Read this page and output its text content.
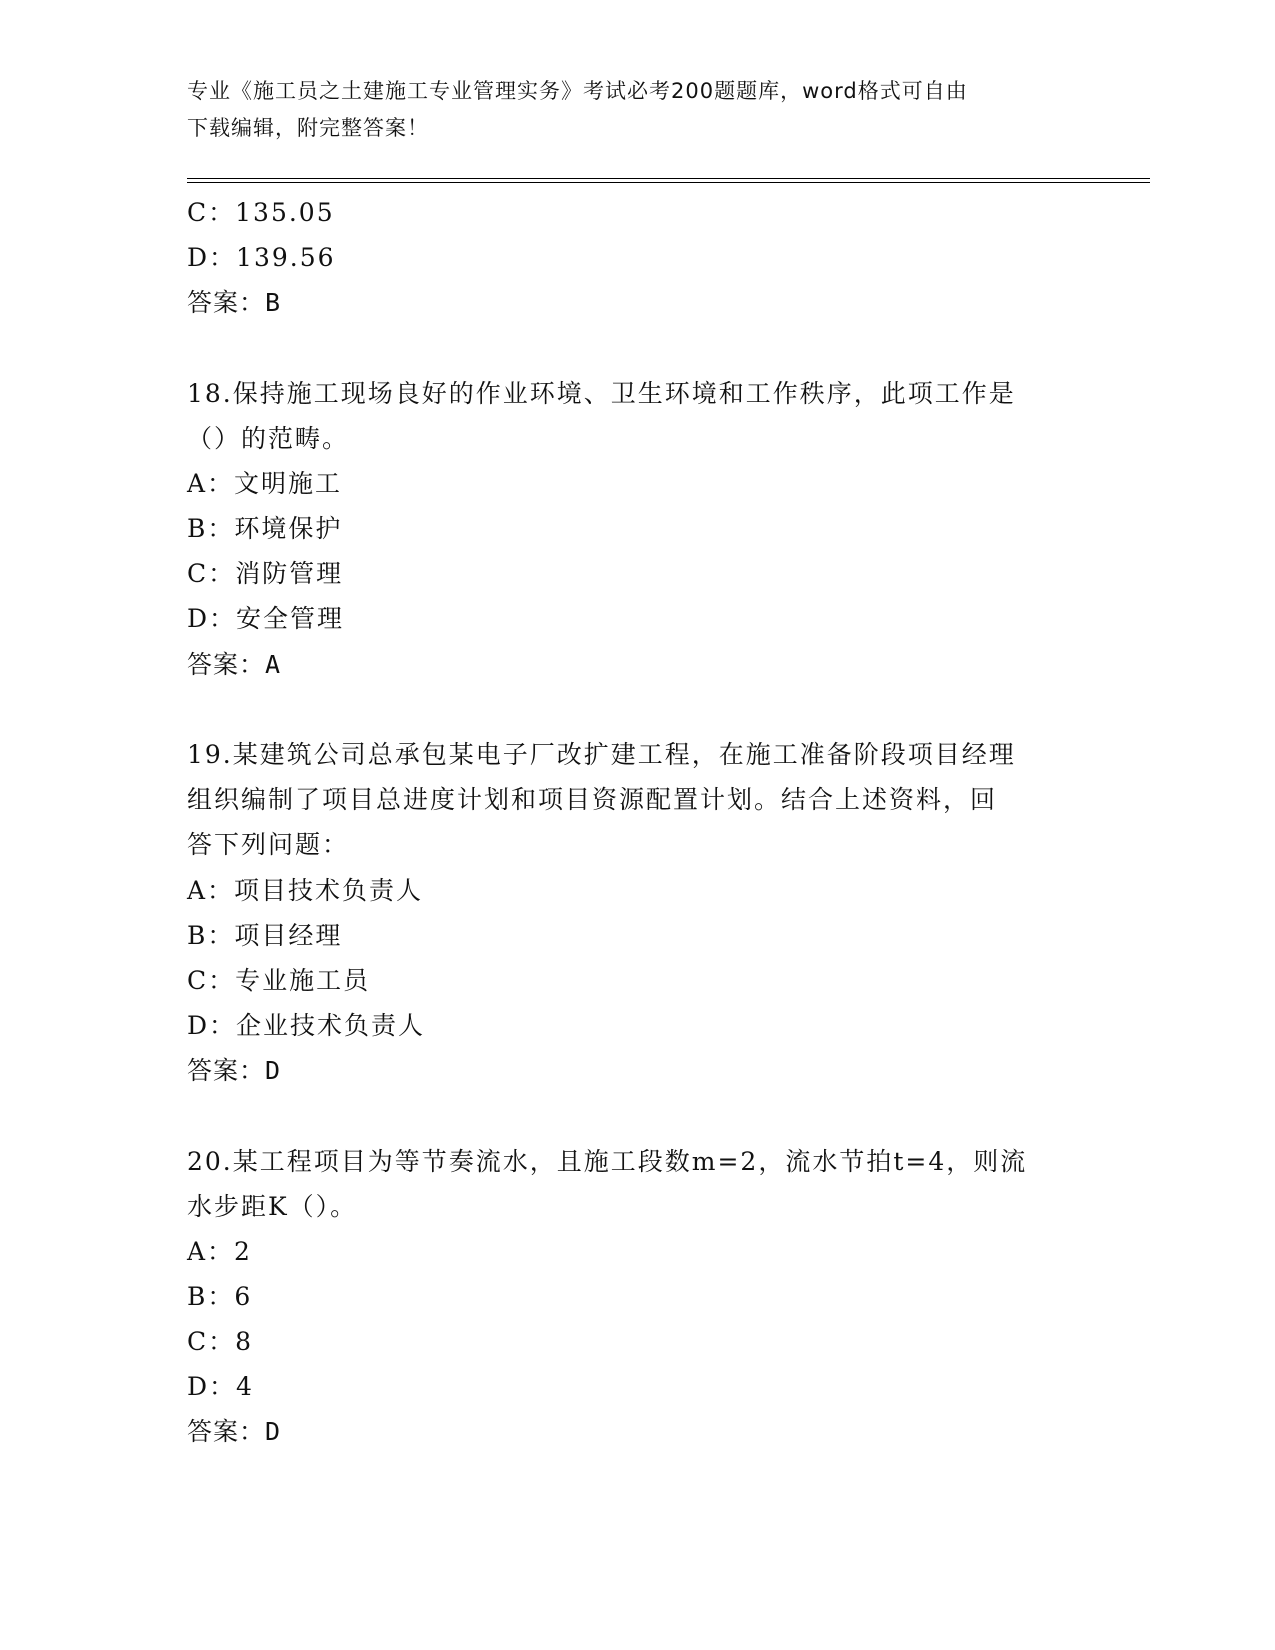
专业《施工员之土建施工专业管理实务》考试必考200题题库，word格式可自由
下载编辑，附完整答案！
C：135.05
D：139.56
答案：B
18.保持施工现场良好的作业环境、卫生环境和工作秩序，此项工作是
（）的范畴。
A：文明施工
B：环境保护
C：消防管理
D：安全管理
答案：A
19.某建筑公司总承包某电子厂改扩建工程，在施工准备阶段项目经理
组织编制了项目总进度计划和项目资源配置计划。结合上述资料，回
答下列问题：
A：项目技术负责人
B：项目经理
C：专业施工员
D：企业技术负责人
答案：D
20.某工程项目为等节奏流水，且施工段数m=2，流水节拍t=4，则流
水步距K（）。
A：2
B：6
C：8
D：4
答案：D
